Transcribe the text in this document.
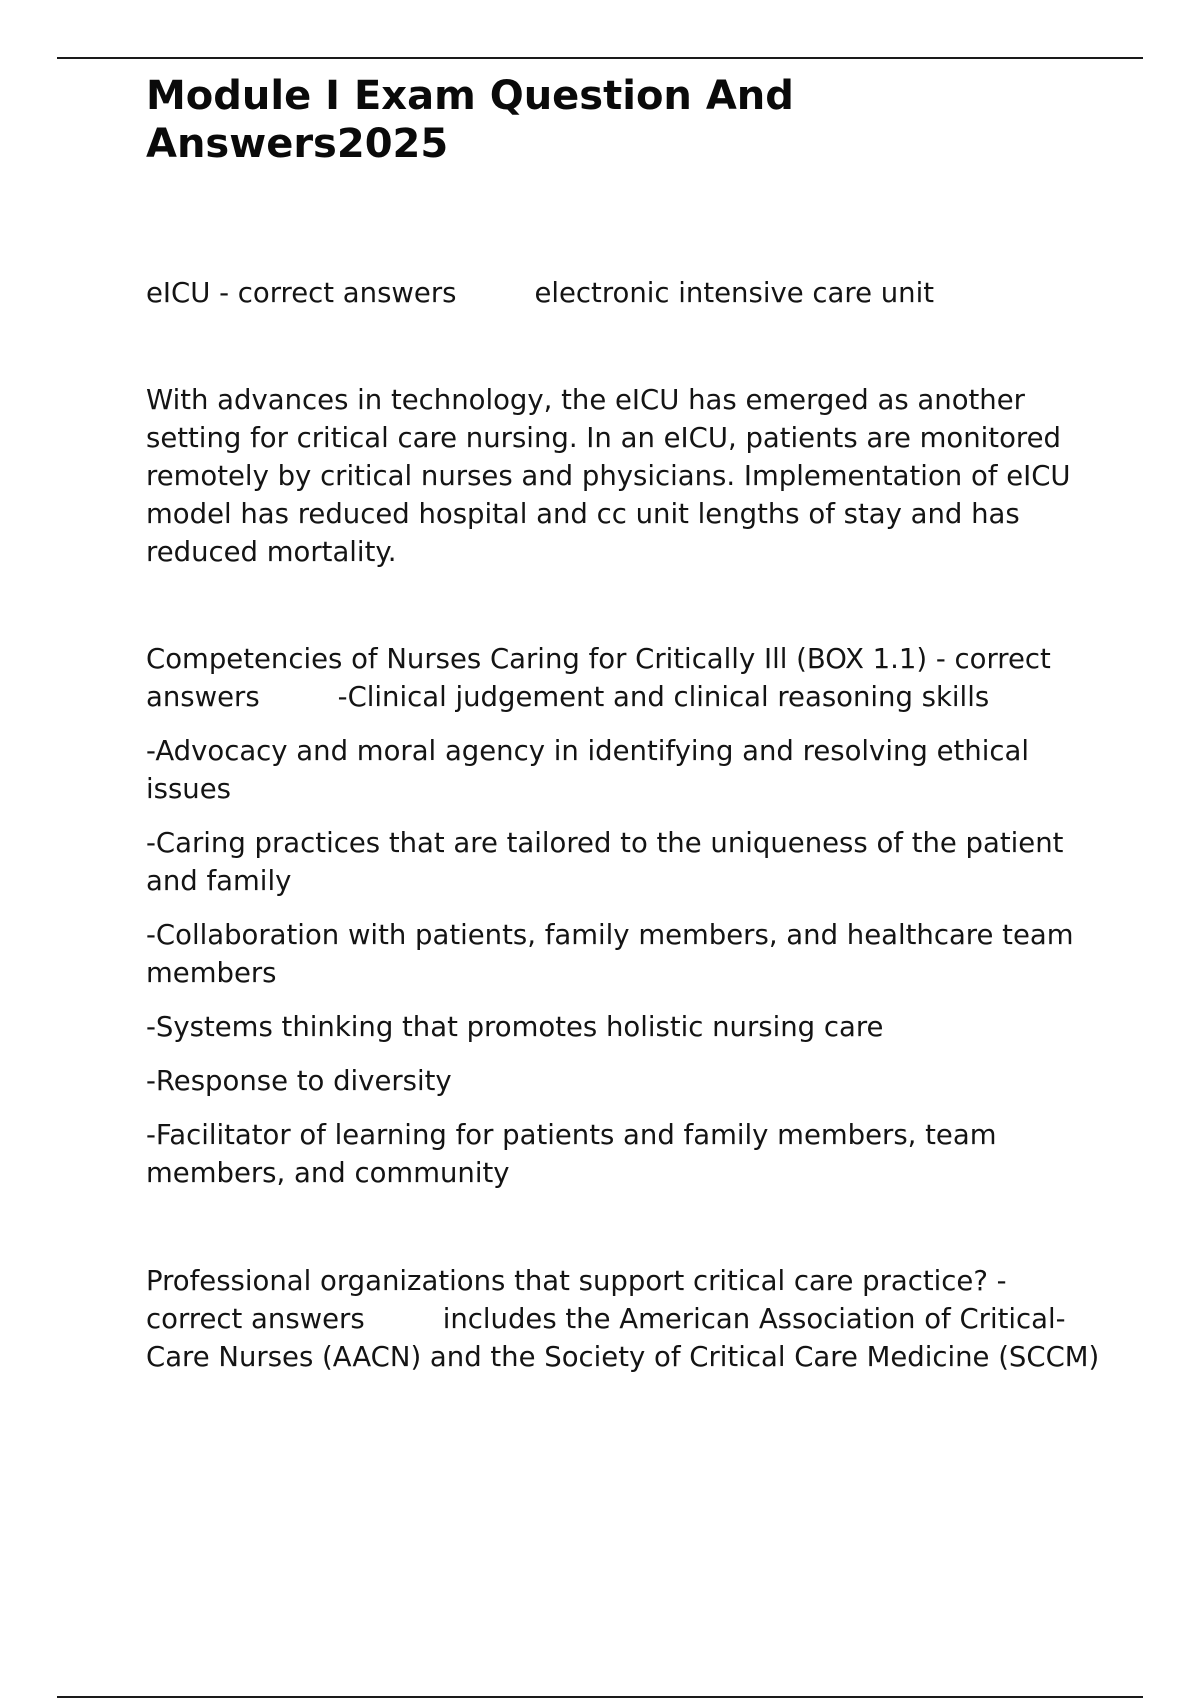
Module I Exam Question And Answers2025

eICU - correct answers	electronic intensive care unit

With advances in technology, the eICU has emerged as another setting for critical care nursing. In an eICU, patients are monitored remotely by critical nurses and physicians. Implementation of eICU model has reduced hospital and cc unit lengths of stay and has reduced mortality.

Competencies of Nurses Caring for Critically Ill (BOX 1.1) - correct answers	-Clinical judgement and clinical reasoning skills

-Advocacy and moral agency in identifying and resolving ethical issues

-Caring practices that are tailored to the uniqueness of the patient and family

-Collaboration with patients, family members, and healthcare team members

-Systems thinking that promotes holistic nursing care

-Response to diversity

-Facilitator of learning for patients and family members, team members, and community

Professional organizations that support critical care practice? - correct answers	includes the American Association of Critical-Care Nurses (AACN) and the Society of Critical Care Medicine (SCCM)
